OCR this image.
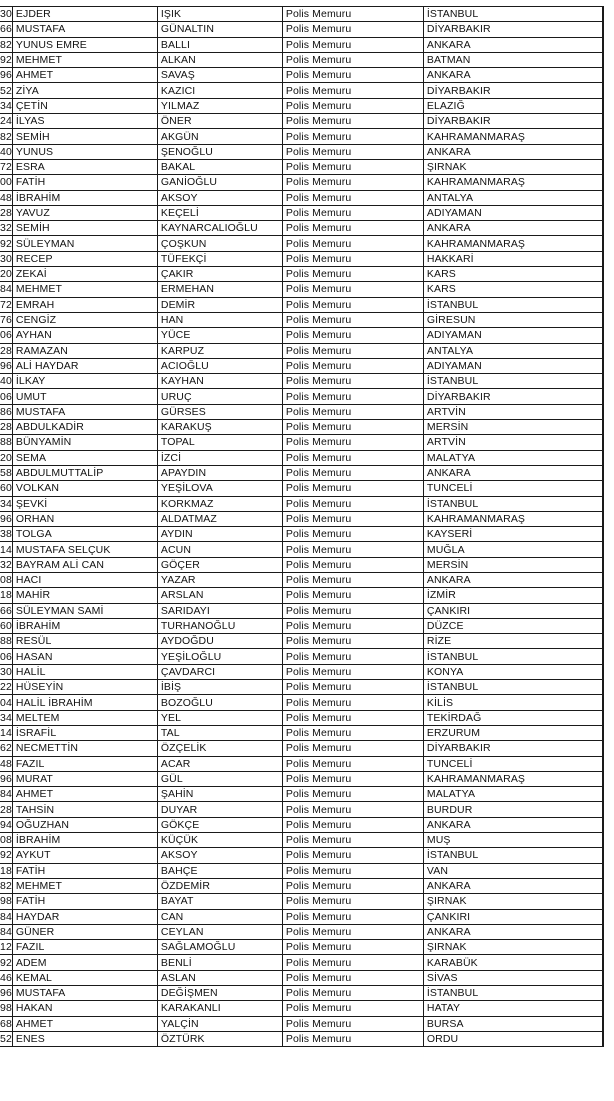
30	EJDER	IŞIK	Polis Memuru	İSTANBUL
66	MUSTAFA	GÜNALTIN	Polis Memuru	DİYARBAKIR
82	YUNUS EMRE	BALLI	Polis Memuru	ANKARA
92	MEHMET	ALKAN	Polis Memuru	BATMAN
96	AHMET	SAVAŞ	Polis Memuru	ANKARA
52	ZİYA	KAZICI	Polis Memuru	DİYARBAKIR
34	ÇETİN	YILMAZ	Polis Memuru	ELAZIĞ
24	İLYAS	ÖNER	Polis Memuru	DİYARBAKIR
82	SEMİH	AKGÜN	Polis Memuru	KAHRAMANMARAŞ
40	YUNUS	ŞENOĞLU	Polis Memuru	ANKARA
72	ESRA	BAKAL	Polis Memuru	ŞIRNAK
00	FATİH	GANİOĞLU	Polis Memuru	KAHRAMANMARAŞ
48	İBRAHİM	AKSOY	Polis Memuru	ANTALYA
28	YAVUZ	KEÇELİ	Polis Memuru	ADIYAMAN
32	SEMİH	KAYNARCALIOĞLU	Polis Memuru	ANKARA
92	SÜLEYMAN	ÇOŞKUN	Polis Memuru	KAHRAMANMARAŞ
30	RECEP	TÜFEKÇİ	Polis Memuru	HAKKARİ
20	ZEKAİ	ÇAKIR	Polis Memuru	KARS
84	MEHMET	ERMEHAN	Polis Memuru	KARS
72	EMRAH	DEMİR	Polis Memuru	İSTANBUL
76	CENGİZ	HAN	Polis Memuru	GİRESUN
06	AYHAN	YÜCE	Polis Memuru	ADIYAMAN
28	RAMAZAN	KARPUZ	Polis Memuru	ANTALYA
96	ALİ HAYDAR	ACIOĞLU	Polis Memuru	ADIYAMAN
40	İLKAY	KAYHAN	Polis Memuru	İSTANBUL
06	UMUT	URUÇ	Polis Memuru	DİYARBAKIR
86	MUSTAFA	GÜRSES	Polis Memuru	ARTVİN
28	ABDULKADİR	KARAKUŞ	Polis Memuru	MERSİN
88	BÜNYAMİN	TOPAL	Polis Memuru	ARTVİN
20	SEMA	İZCİ	Polis Memuru	MALATYA
58	ABDULMUTTALİP	APAYDIN	Polis Memuru	ANKARA
60	VOLKAN	YEŞİLOVA	Polis Memuru	TUNCELİ
34	ŞEVKİ	KORKMAZ	Polis Memuru	İSTANBUL
96	ORHAN	ALDATMAZ	Polis Memuru	KAHRAMANMARAŞ
38	TOLGA	AYDIN	Polis Memuru	KAYSERİ
14	MUSTAFA SELÇUK	ACUN	Polis Memuru	MUĞLA
32	BAYRAM ALİ CAN	GÖÇER	Polis Memuru	MERSİN
08	HACI	YAZAR	Polis Memuru	ANKARA
18	MAHİR	ARSLAN	Polis Memuru	İZMİR
66	SÜLEYMAN SAMİ	SARIDAYI	Polis Memuru	ÇANKIRI
60	İBRAHİM	TURHANOĞLU	Polis Memuru	DÜZCE
88	RESÜL	AYDOĞDU	Polis Memuru	RİZE
06	HASAN	YEŞİLOĞLU	Polis Memuru	İSTANBUL
30	HALİL	ÇAVDARCI	Polis Memuru	KONYA
22	HÜSEYİN	İBİŞ	Polis Memuru	İSTANBUL
04	HALİL İBRAHİM	BOZOĞLU	Polis Memuru	KİLİS
34	MELTEM	YEL	Polis Memuru	TEKİRDAĞ
14	İSRAFİL	TAL	Polis Memuru	ERZURUM
62	NECMETTİN	ÖZÇELİK	Polis Memuru	DİYARBAKIR
48	FAZIL	ACAR	Polis Memuru	TUNCELİ
96	MURAT	GÜL	Polis Memuru	KAHRAMANMARAŞ
84	AHMET	ŞAHİN	Polis Memuru	MALATYA
28	TAHSİN	DUYAR	Polis Memuru	BURDUR
94	OĞUZHAN	GÖKÇE	Polis Memuru	ANKARA
08	İBRAHİM	KÜÇÜK	Polis Memuru	MUŞ
92	AYKUT	AKSOY	Polis Memuru	İSTANBUL
18	FATİH	BAHÇE	Polis Memuru	VAN
82	MEHMET	ÖZDEMİR	Polis Memuru	ANKARA
98	FATİH	BAYAT	Polis Memuru	ŞIRNAK
84	HAYDAR	CAN	Polis Memuru	ÇANKIRI
84	GÜNER	CEYLAN	Polis Memuru	ANKARA
12	FAZIL	SAĞLAMOĞLU	Polis Memuru	ŞIRNAK
92	ADEM	BENLİ	Polis Memuru	KARABÜK
46	KEMAL	ASLAN	Polis Memuru	SİVAS
96	MUSTAFA	DEĞİŞMEN	Polis Memuru	İSTANBUL
98	HAKAN	KARAKANLI	Polis Memuru	HATAY
68	AHMET	YALÇİN	Polis Memuru	BURSA
52	ENES	ÖZTÜRK	Polis Memuru	ORDU
